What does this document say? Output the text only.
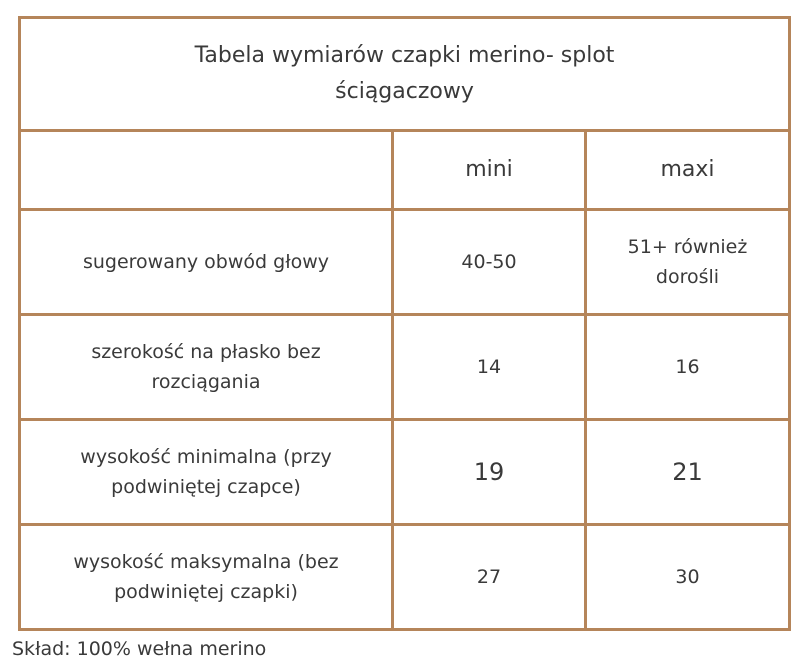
Tabela wymiarów czapki merino- splot ściągaczowy		
	mini	maxi
sugerowany obwód głowy	40-50	51+ również dorośli
szerokość na płasko bez rozciągania	14	16
wysokość minimalna (przy podwiniętej czapce)	19	21
wysokość maksymalna (bez podwiniętej czapki)	27	30
Skład: 100% wełna merino
